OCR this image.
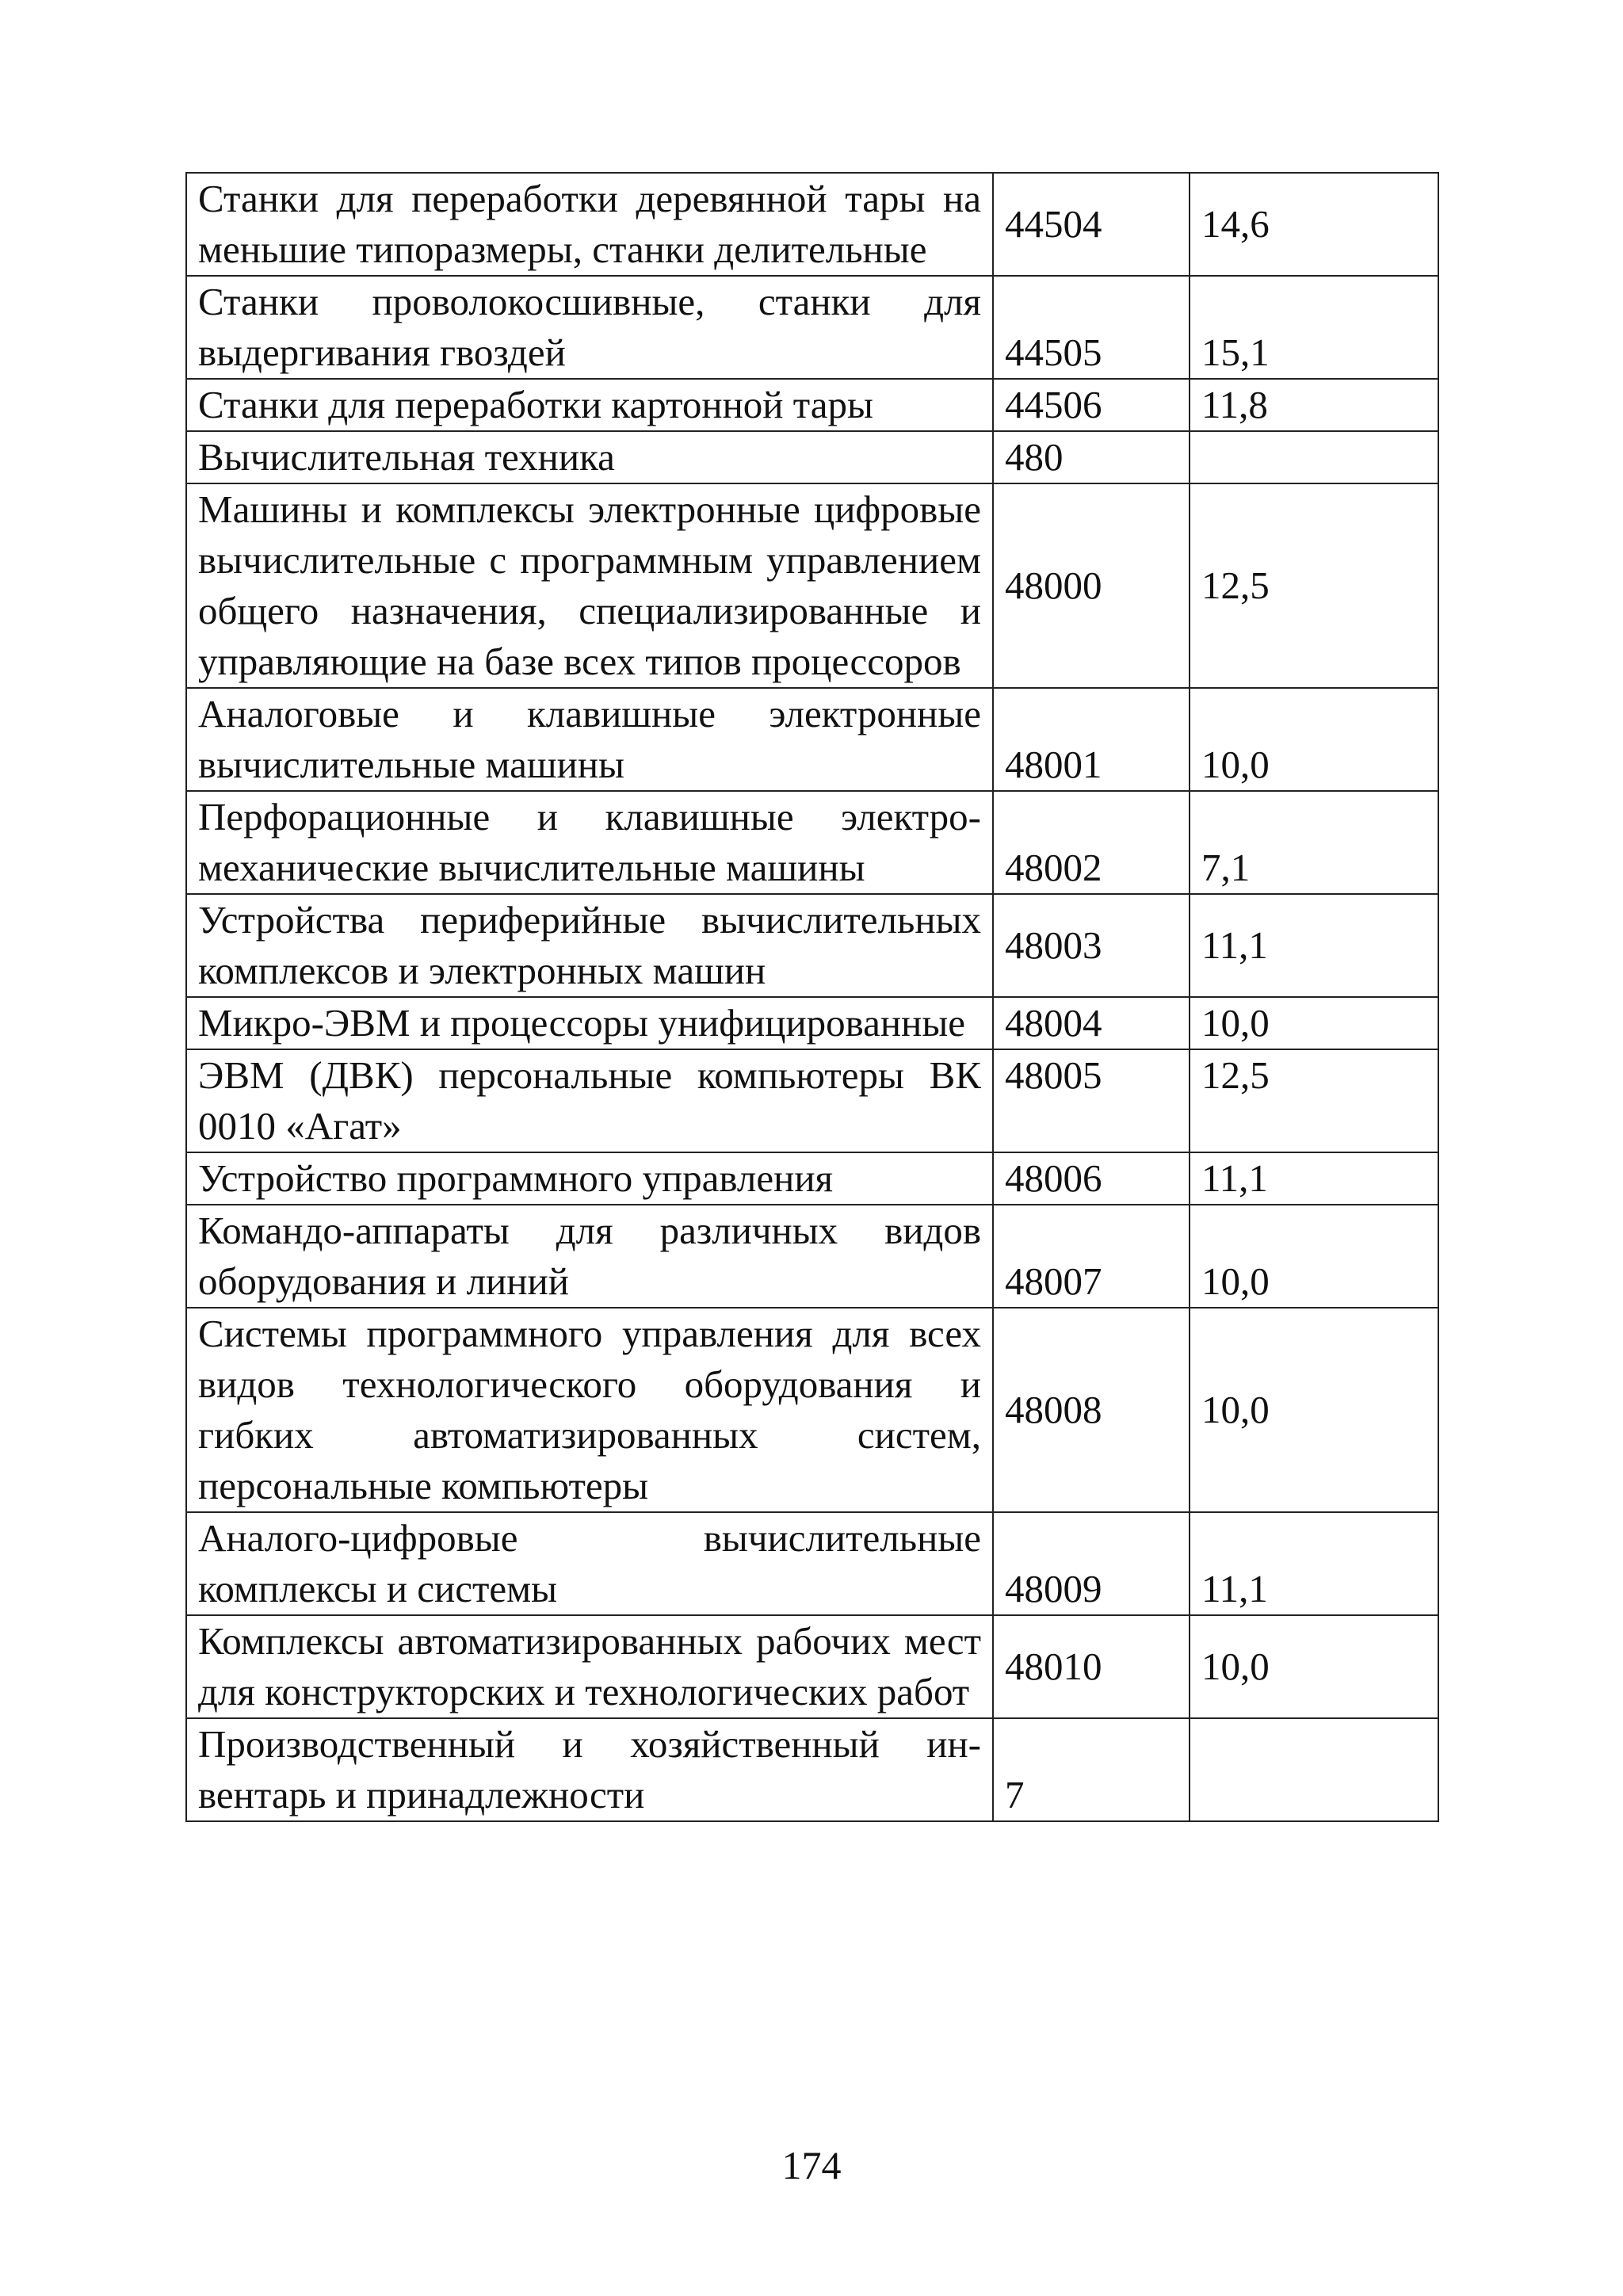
Станки для переработки деревянной тары на меньшие типоразмеры, станки делительные	44504	14,6
Станки проволокосшивные, станки для выдергивания гвоздей	44505	15,1
Станки для переработки картонной тары	44506	11,8
Вычислительная техника	480	
Машины и комплексы электронные цифровые вычислительные с программным управлением общего назначения, специализированные и управляющие на базе всех типов процессоров	48000	12,5
Аналоговые и клавишные электронные вычислительные машины	48001	10,0
Перфорационные и клавишные электромеханические вычислительные машины	48002	7,1
Устройства периферийные вычислительных комплексов и электронных машин	48003	11,1
Микро-ЭВМ и процессоры унифицированные	48004	10,0
ЭВМ (ДВК) персональные компьютеры ВК 0010 «Агат»	48005	12,5
Устройство программного управления	48006	11,1
Командо-аппараты для различных видов оборудования и линий	48007	10,0
Системы программного управления для всех видов технологического оборудования и гибких автоматизированных систем, персональные компьютеры	48008	10,0
Аналого-цифровые вычислительные комплексы и системы	48009	11,1
Комплексы автоматизированных рабочих мест для конструкторских и технологических работ	48010	10,0
Производственный и хозяйственный инвентарь и принадлежности	7	
174
